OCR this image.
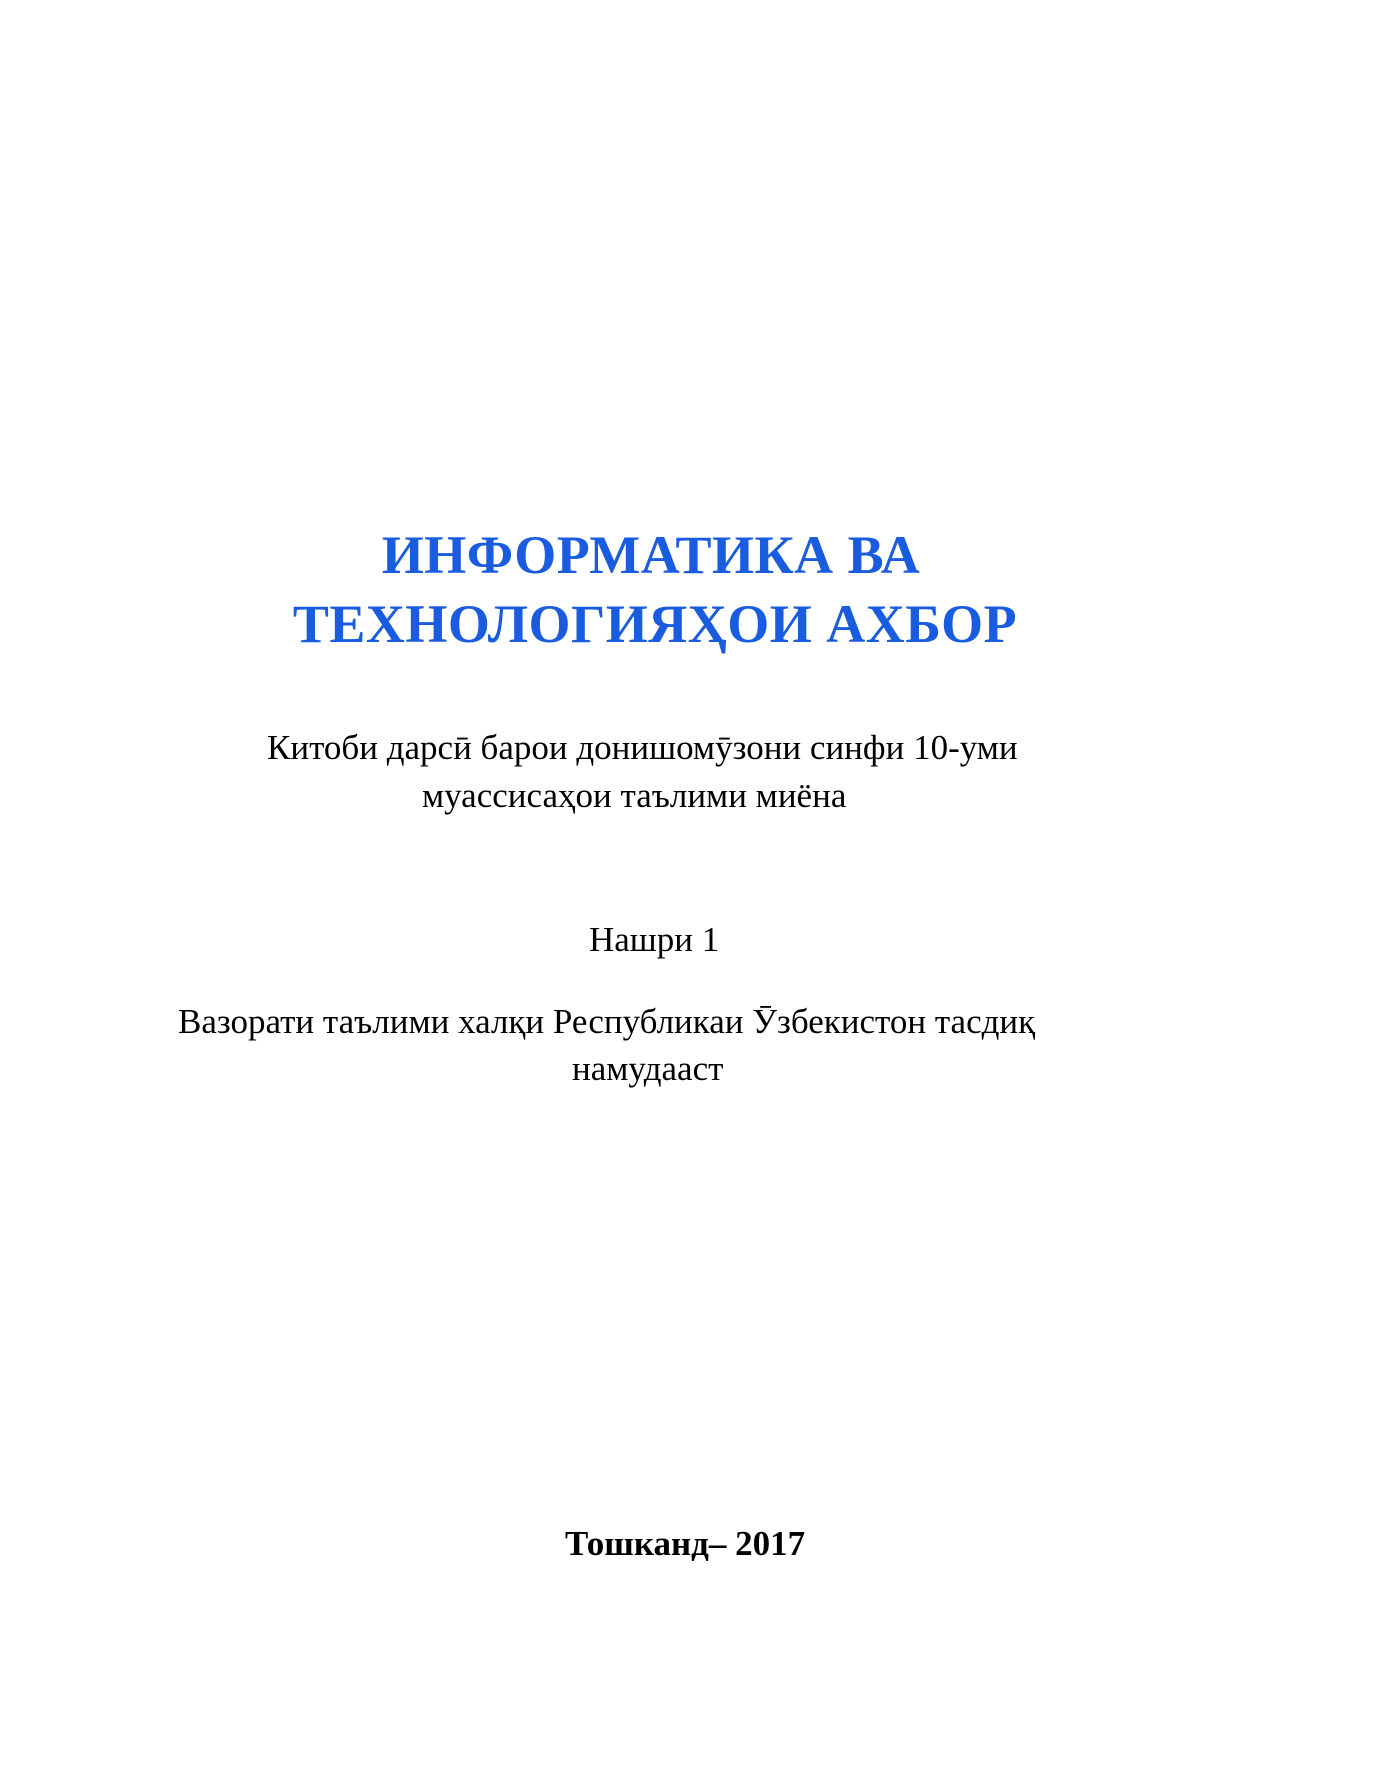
ИНФОРМАТИКА ВА
ТЕХНОЛОГИЯҲОИ АХБОР
Китоби дарсӣ барои донишомӯзони синфи 10-уми
муассисаҳои таълими миёна
Нашри 1
Вазорати таълими халқи Республикаи Ӯзбекистон тасдиқ
намудааст
Тошканд– 2017
